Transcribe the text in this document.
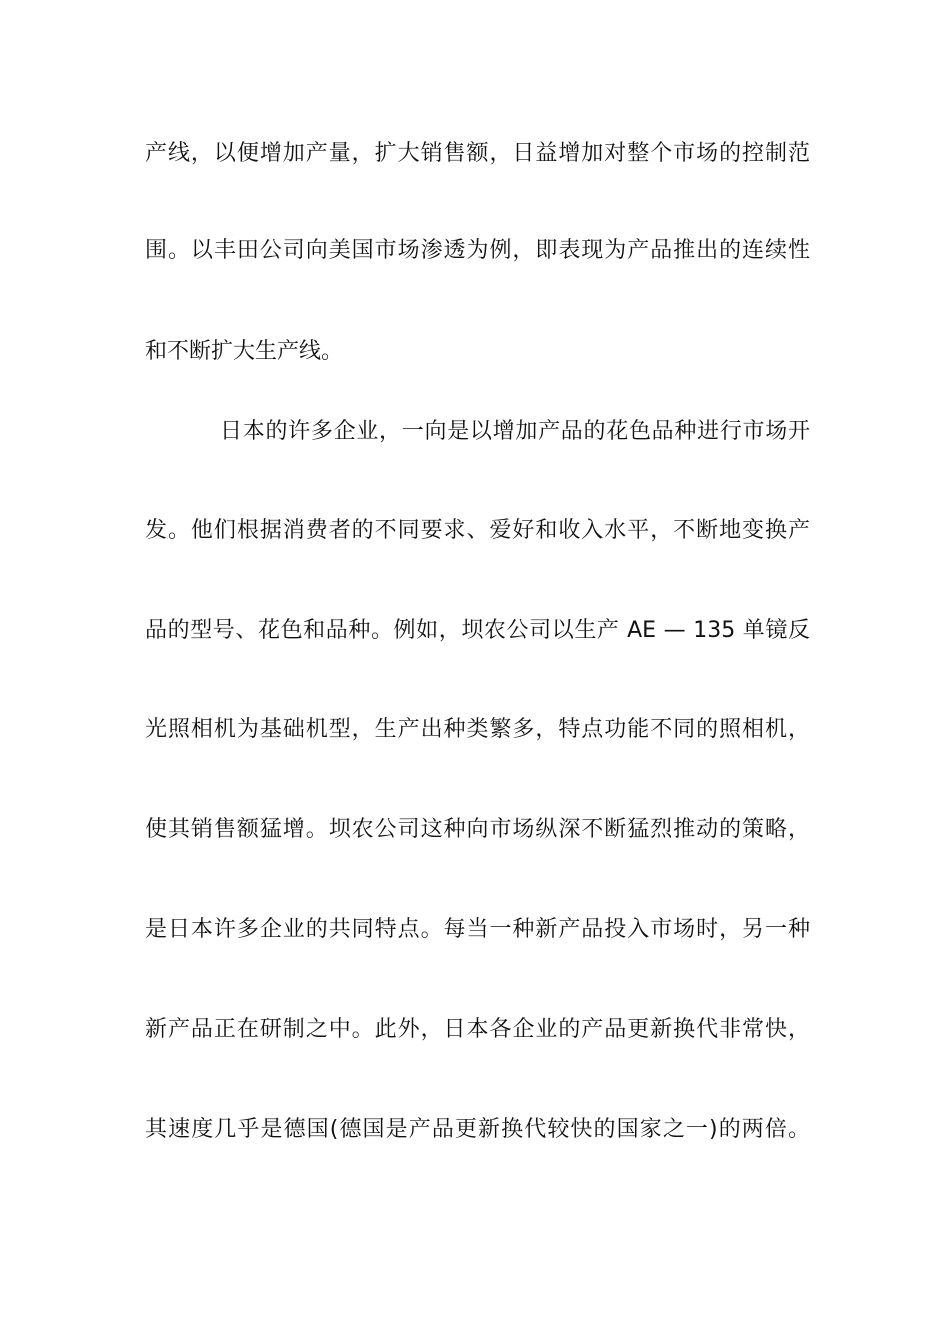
产线，以便增加产量，扩大销售额，日益增加对整个市场的控制范
围。以丰田公司向美国市场渗透为例，即表现为产品推出的连续性
和不断扩大生产线。
日本的许多企业，一向是以增加产品的花色品种进行市场开
发。他们根据消费者的不同要求、爱好和收入水平，不断地变换产
品的型号、花色和品种。例如，坝农公司以生产 AE — 135 单镜反
光照相机为基础机型，生产出种类繁多，特点功能不同的照相机，
使其销售额猛增。坝农公司这种向市场纵深不断猛烈推动的策略，
是日本许多企业的共同特点。每当一种新产品投入市场时，另一种
新产品正在研制之中。此外，日本各企业的产品更新换代非常快，
其速度几乎是德国(德国是产品更新换代较快的国家之一)的两倍。
